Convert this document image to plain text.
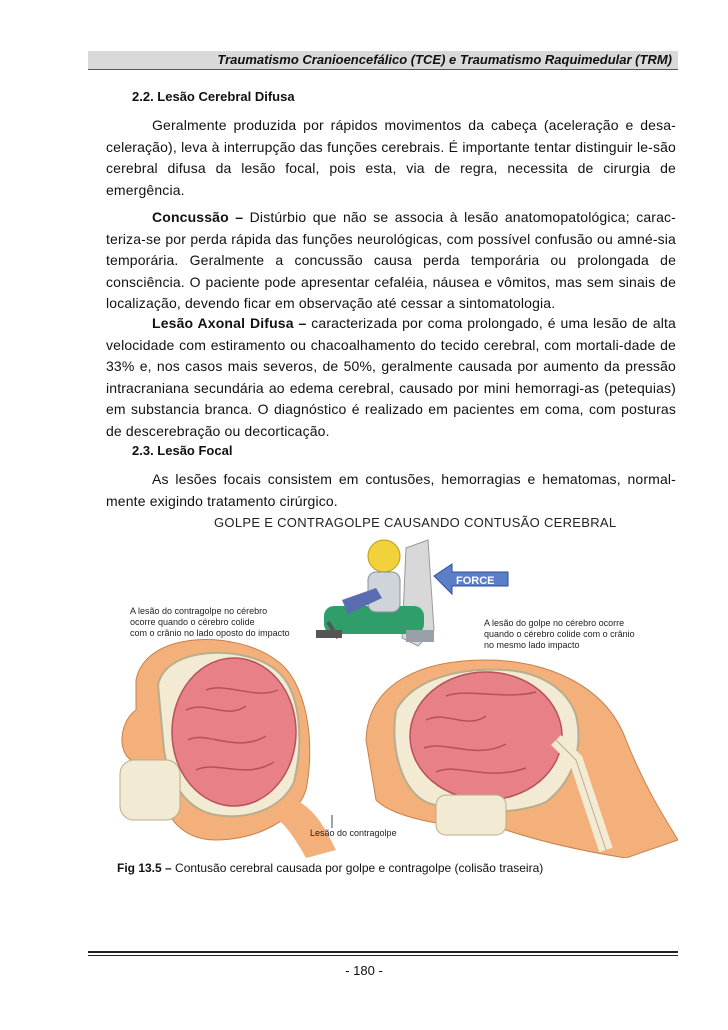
Traumatismo Cranioencefálico (TCE) e Traumatismo Raquimedular (TRM)
2.2. Lesão Cerebral Difusa
Geralmente produzida por rápidos movimentos da cabeça (aceleração e desa-celeração), leva à interrupção das funções cerebrais. É importante tentar distinguir le-são cerebral difusa da lesão focal, pois esta, via de regra, necessita de cirurgia de emergência.
Concussão – Distúrbio que não se associa à lesão anatomopatológica; carac-teriza-se por perda rápida das funções neurológicas, com possível confusão ou amné-sia temporária. Geralmente a concussão causa perda temporária ou prolongada de consciência. O paciente pode apresentar cefaléia, náusea e vômitos, mas sem sinais de localização, devendo ficar em observação até cessar a sintomatologia.
Lesão Axonal Difusa – caracterizada por coma prolongado, é uma lesão de alta velocidade com estiramento ou chacoalhamento do tecido cerebral, com mortali-dade de 33% e, nos casos mais severos, de 50%, geralmente causada por aumento da pressão intracraniana secundária ao edema cerebral, causado por mini hemorragi-as (petequias) em substancia branca. O diagnóstico é realizado em pacientes em coma, com posturas de descerebração ou decorticação.
2.3. Lesão Focal
As lesões focais consistem em contusões, hemorragias e hematomas, normal-mente exigindo tratamento cirúrgico.
FORCE
GOLPE E CONTRAGOLPE CAUSANDO CONTUSÃO CEREBRAL
A lesão do contragolpe no cérebro
ocorre quando o cérebro colide
com o crânio no lado oposto do impacto
A lesão do golpe no cérebro ocorre
quando o cérebro colide com o crânio
no mesmo lado impacto
Lesão do contragolpe
Fig 13.5 – Contusão cerebral causada por golpe e contragolpe (colisão traseira)
- 180 -
